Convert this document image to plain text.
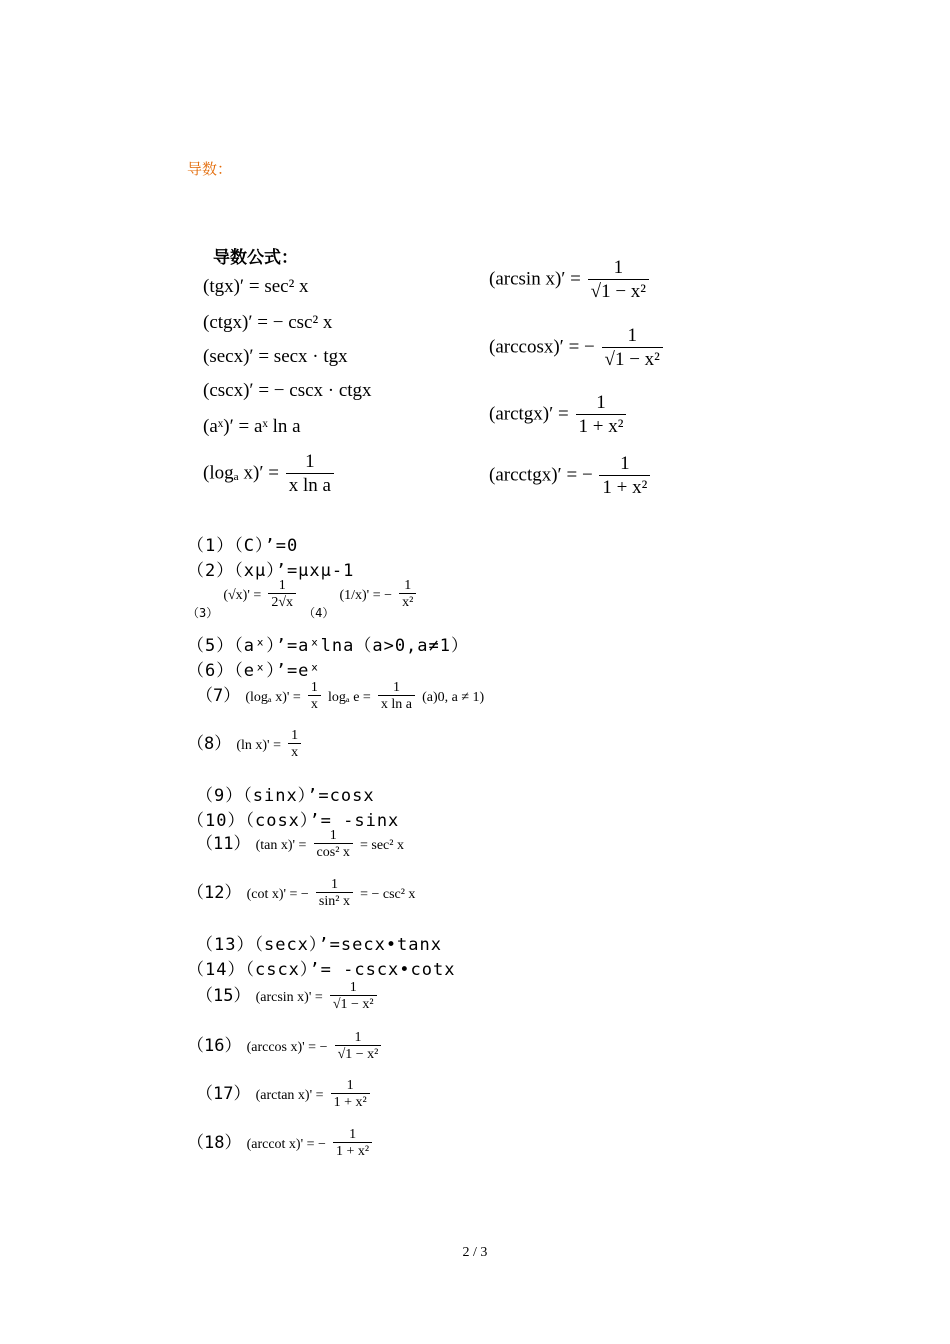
导数：
导数公式：
(tgx)′ = sec² x
(ctgx)′ = − csc² x
(secx)′ = secx · tgx
(cscx)′ = − cscx · ctgx
(aˣ)′ = aˣ ln a
(logₐ $x)' = \frac{1}{\text{x ln a}}$
(arcsin $x)' = \frac{1}{\text{√1 − x²}}$
(arccosx)′ = − $\frac{1}{\text{√1 − x²}}$
(arctgx)′ = $\frac{1}{\text{1 + x²}}$
(arcctgx)′ = − $\frac{1}{\text{1 + x²}}$
（1）（C）’=0
（2）（xμ）’=μxμ-1
$_{(3)}$ $(√x)' = \frac{1}{2√x}$
$_{(4)}$ (1/x)' = − $\frac{1}{\text{x²}}$
（5）（aˣ）’=aˣlna（a>0,a≠1）
（6）（eˣ）’=eˣ
（7） (logₐ $x)' = \frac{1}{x}$ logₐ $e = \frac{1}{\text{x ln a}} (a)0$, a ≠ 1)
（8） (ln $x)' = \frac{1}{x}$
（9）（sinx）’=cosx
（10）（cosx）’= -sinx
（11） (tan $x)' = \frac{1}{\text{cos² x}} = \sec^2$ x
（12） (cot x)' = − $\frac{1}{\text{sin² x}}$ = − csc² x
（13）（secx）’=secx•tanx
（14）（cscx）’= -cscx•cotx
（15） (arcsin $x)' = \frac{1}{\text{√1 − x²}}$
（16） (arccos x)' = − $\frac{1}{\text{√1 − x²}}$
（17） (arctan $x)' = \frac{1}{\text{1 + x²}}$
（18） (arccot x)' = − $\frac{1}{\text{1 + x²}}$
2 / 3
